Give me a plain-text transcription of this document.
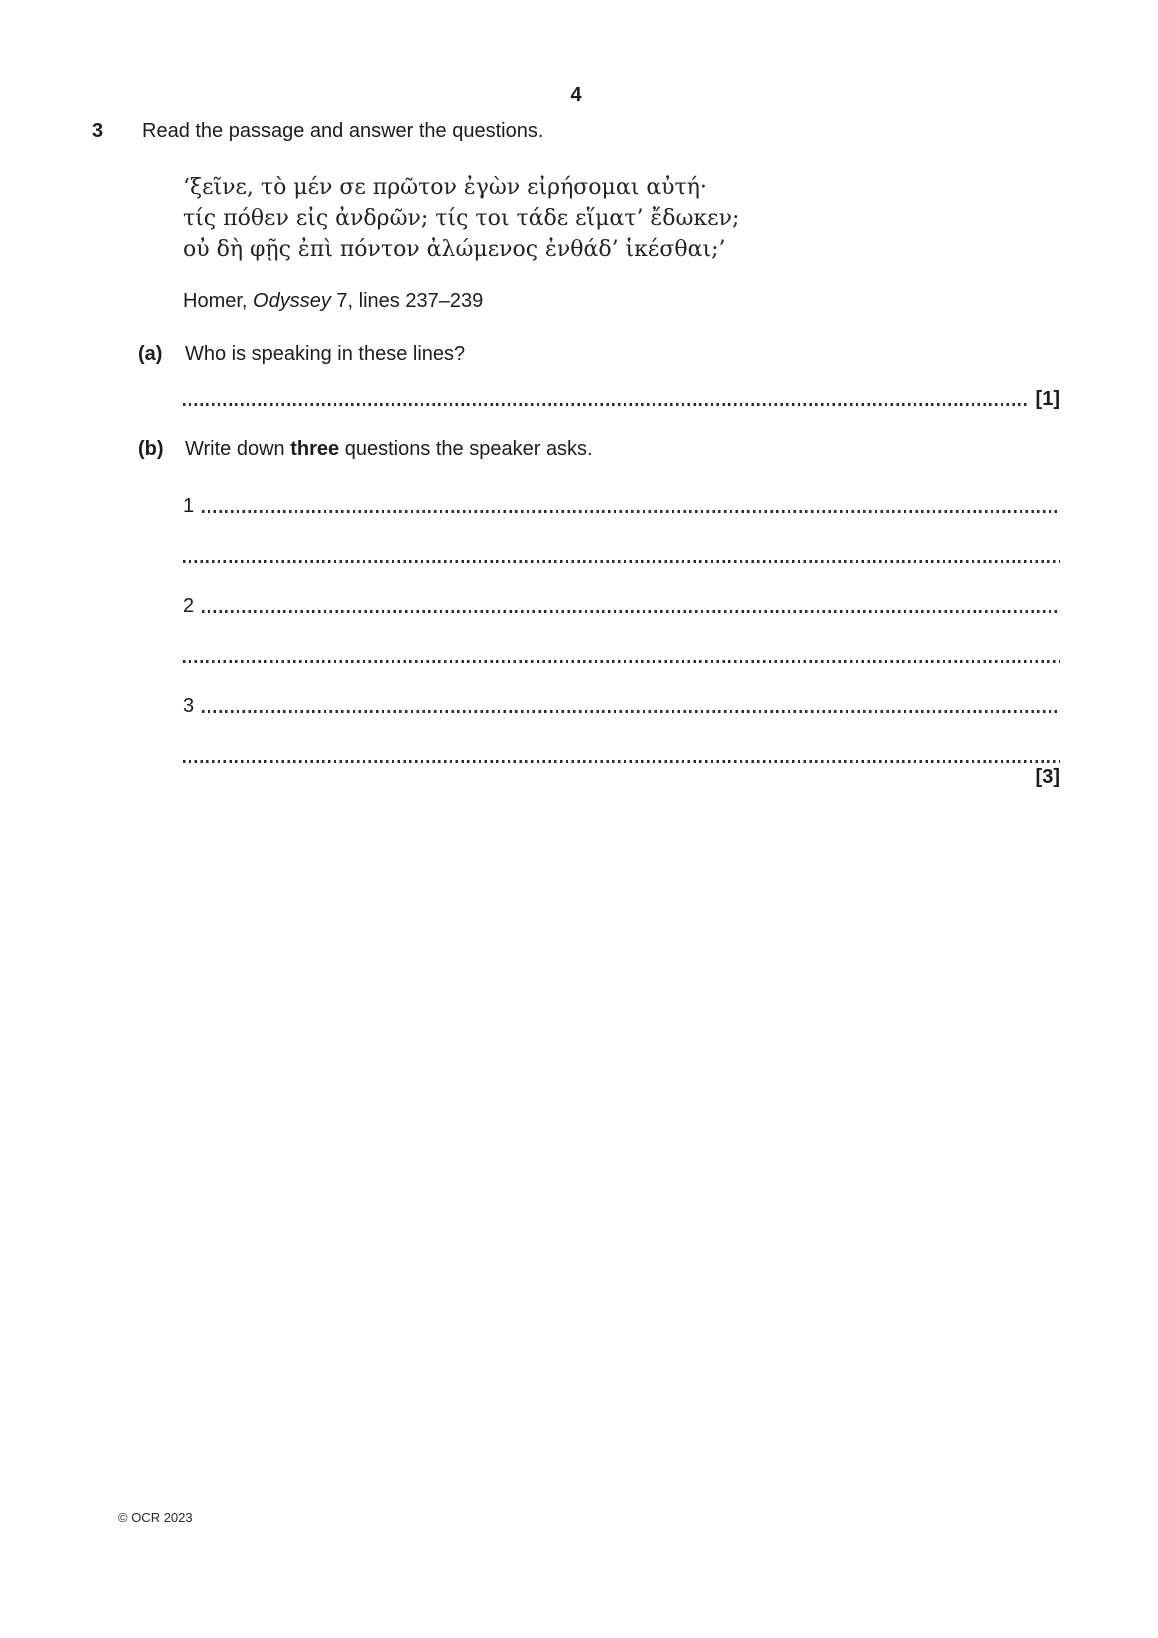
4
3 Read the passage and answer the questions.
‘ξεῖνε, τὸ μέν σε πρῶτον ἐγὼν εἰρήσομαι αὐτή·
τίς πόθεν εἰς ἀνδρῶν; τίς τοι τάδε εἵματ’ ἔδωκεν;
οὐ δὴ φῇς ἐπὶ πόντον ἀλώμενος ἐνθάδ’ ἱκέσθαι;’
Homer, Odyssey 7, lines 237–239
(a) Who is speaking in these lines?
[1]
(b) Write down three questions the speaker asks.
1
2
3
[3]
© OCR 2023
